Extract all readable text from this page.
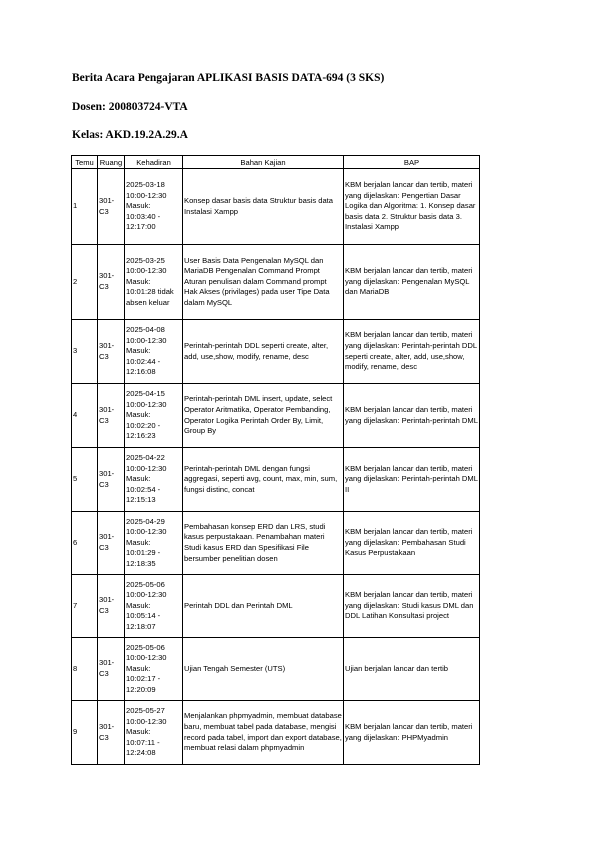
Berita Acara Pengajaran APLIKASI BASIS DATA-694 (3 SKS)
Dosen: 200803724-VTA
Kelas: AKD.19.2A.29.A
Temu	Ruang	Kehadiran	Bahan Kajian	BAP
1	301-C3	2025-03-18 10:00-12:30 Masuk: 10:03:40 - 12:17:00	Konsep dasar basis data Struktur basis data Instalasi Xampp	KBM berjalan lancar dan tertib, materi yang dijelaskan: Pengertian Dasar Logika dan Algoritma: 1. Konsep dasar basis data 2. Struktur basis data 3. Instalasi Xampp
2	301-C3	2025-03-25 10:00-12:30 Masuk: 10:01:28 tidak absen keluar	User Basis Data Pengenalan MySQL dan MariaDB Pengenalan Command Prompt Aturan penulisan dalam Command prompt Hak Akses (privilages) pada user Tipe Data dalam MySQL	KBM berjalan lancar dan tertib, materi yang dijelaskan: Pengenalan MySQL dan MariaDB
3	301-C3	2025-04-08 10:00-12:30 Masuk: 10:02:44 - 12:16:08	Perintah-perintah DDL seperti create, alter, add, use,show, modify, rename, desc	KBM berjalan lancar dan tertib, materi yang dijelaskan: Perintah-perintah DDL seperti create, alter, add, use,show, modify, rename, desc
4	301-C3	2025-04-15 10:00-12:30 Masuk: 10:02:20 - 12:16:23	Perintah-perintah DML insert, update, select Operator Aritmatika, Operator Pembanding, Operator Logika Perintah Order By, Limit, Group By	KBM berjalan lancar dan tertib, materi yang dijelaskan: Perintah-perintah DML
5	301-C3	2025-04-22 10:00-12:30 Masuk: 10:02:54 - 12:15:13	Perintah-perintah DML dengan fungsi aggregasi, seperti avg, count, max, min, sum, fungsi distinc, concat	KBM berjalan lancar dan tertib, materi yang dijelaskan: Perintah-perintah DML II
6	301-C3	2025-04-29 10:00-12:30 Masuk: 10:01:29 - 12:18:35	Pembahasan konsep ERD dan LRS, studi kasus perpustakaan. Penambahan materi Studi kasus ERD dan Spesifikasi File bersumber penelitian dosen	KBM berjalan lancar dan tertib, materi yang dijelaskan: Pembahasan Studi Kasus Perpustakaan
7	301-C3	2025-05-06 10:00-12:30 Masuk: 10:05:14 - 12:18:07	Perintah DDL dan Perintah DML	KBM berjalan lancar dan tertib, materi yang dijelaskan: Studi kasus DML dan DDL Latihan Konsultasi project
8	301-C3	2025-05-06 10:00-12:30 Masuk: 10:02:17 - 12:20:09	Ujian Tengah Semester (UTS)	Ujian berjalan lancar dan tertib
9	301-C3	2025-05-27 10:00-12:30 Masuk: 10:07:11 - 12:24:08	Menjalankan phpmyadmin, membuat database baru, membuat tabel pada database, mengisi record pada tabel, import dan export database, membuat relasi dalam phpmyadmin	KBM berjalan lancar dan tertib, materi yang dijelaskan: PHPMyadmin
